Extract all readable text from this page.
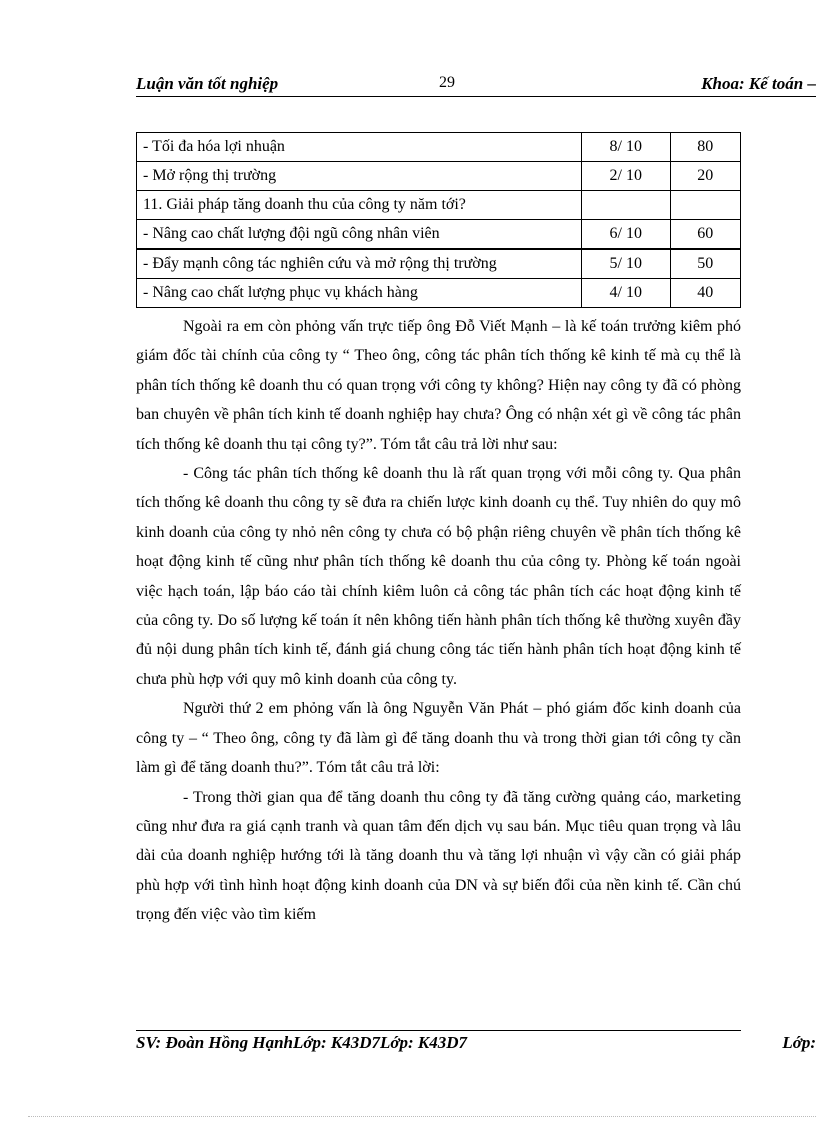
Luận văn tốt nghiệp	29	Khoa: Kế toán –
- Tối đa hóa lợi nhuận	8/ 10	80
- Mở rộng thị trường	2/ 10	20
11. Giải pháp tăng doanh thu của công ty năm tới?		
- Nâng cao chất lượng đội ngũ công nhân viên	6/ 10	60
- Đẩy mạnh công tác nghiên cứu và mở rộng thị trường	5/ 10	50
- Nâng cao chất lượng phục vụ khách hàng	4/ 10	40

Ngoài ra em còn phỏng vấn trực tiếp ông Đỗ Viết Mạnh – là kế toán trưởng kiêm phó giám đốc tài chính của công ty “ Theo ông, công tác phân tích thống kê kinh tế mà cụ thể là phân tích thống kê doanh thu có quan trọng với công ty không? Hiện nay công ty đã có phòng ban chuyên về phân tích kinh tế doanh nghiệp hay chưa? Ông có nhận xét gì về công tác phân tích thống kê doanh thu tại công ty?”. Tóm tắt câu trả lời như sau:

- Công tác phân tích thống kê doanh thu là rất quan trọng với mỗi công ty. Qua phân tích thống kê doanh thu công ty sẽ đưa ra chiến lược kinh doanh cụ thể. Tuy nhiên do quy mô kinh doanh của công ty nhỏ nên công ty chưa có bộ phận riêng chuyên về phân tích thống kê hoạt động kinh tế cũng như phân tích thống kê doanh thu của công ty. Phòng kế toán ngoài việc hạch toán, lập báo cáo tài chính kiêm luôn cả công tác phân tích các hoạt động kinh tế của công ty. Do số lượng kế toán ít nên không tiến hành phân tích thống kê thường xuyên đầy đủ nội dung phân tích kinh tế, đánh giá chung công tác tiến hành phân tích hoạt động kinh tế chưa phù hợp với quy mô kinh doanh của công ty.

Người thứ 2 em phỏng vấn là ông Nguyễn Văn Phát – phó giám đốc kinh doanh của công ty – “ Theo ông, công ty đã làm gì để tăng doanh thu và trong thời gian tới công ty cần làm gì để tăng doanh thu?”. Tóm tắt câu trả lời:

- Trong thời gian qua để tăng doanh thu công ty đã tăng cường quảng cáo, marketing cũng như đưa ra giá cạnh tranh và quan tâm đến dịch vụ sau bán. Mục tiêu quan trọng và lâu dài của doanh nghiệp hướng tới là tăng doanh thu và tăng lợi nhuận vì vậy cần có giải pháp phù hợp với tình hình hoạt động kinh doanh của DN và sự biến đổi của nền kinh tế. Cần chú trọng đến việc vào tìm kiếm

SV: Đoàn Hồng HạnhLớp: K43D7Lớp: K43D7	Lớp:
